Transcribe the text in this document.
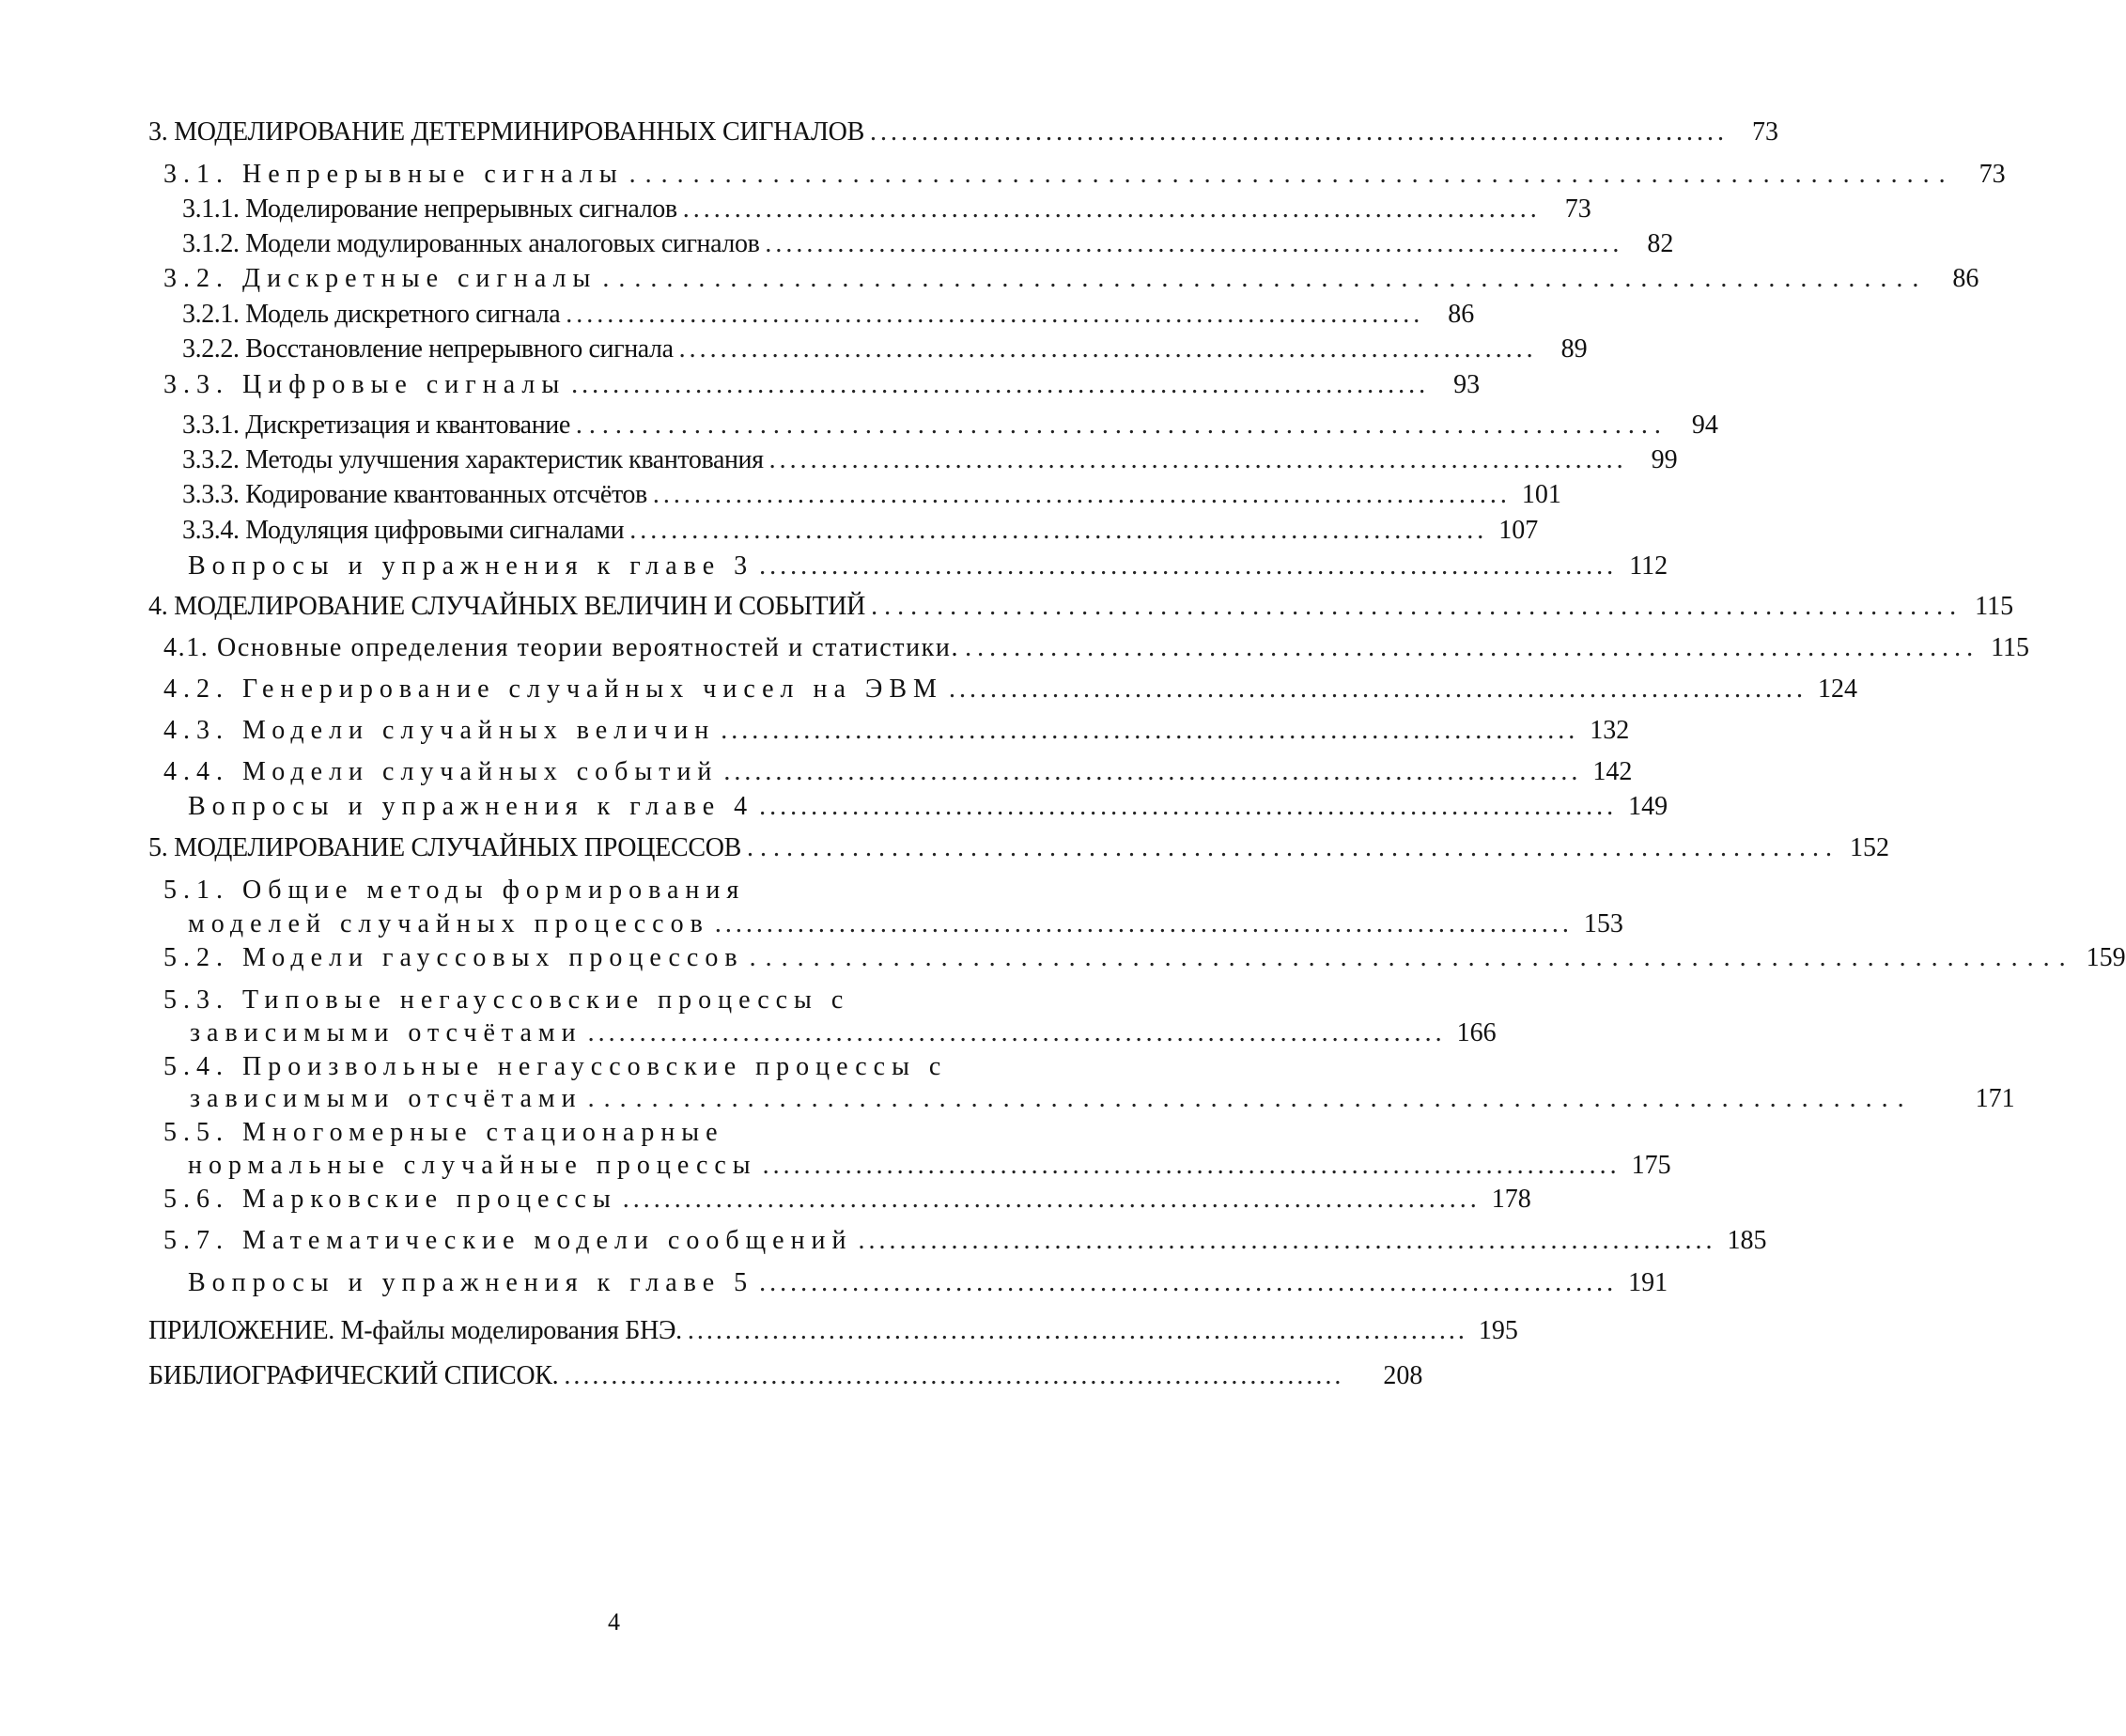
3. МОДЕЛИРОВАНИЕ ДЕТЕРМИНИРОВАННЫХ СИГНАЛОВ ................................................................................... 73
3.1. Непрерывные сигналы ................................................................................... 73
3.1.1. Моделирование непрерывных сигналов ................................................................................... 73
3.1.2. Модели модулированных аналоговых сигналов ................................................................................... 82
3.2. Дискретные сигналы ................................................................................... 86
3.2.1. Модель дискретного сигнала ................................................................................... 86
3.2.2. Восстановление непрерывного сигнала ................................................................................... 89
3.3. Цифровые сигналы ................................................................................... 93
3.3.1. Дискретизация и квантование ................................................................................... 94
3.3.2. Методы улучшения характеристик квантования ................................................................................... 99
3.3.3. Кодирование квантованных отсчётов ................................................................................... 101
3.3.4. Модуляция цифровыми сигналами ................................................................................... 107
Вопросы и упражнения к главе 3 ................................................................................... 112
4. МОДЕЛИРОВАНИЕ СЛУЧАЙНЫХ ВЕЛИЧИН И СОБЫТИЙ ................................................................................... 115
4.1. Основные определения теории вероятностей и статистики. ................................................................................... 115
4.2. Генерирование случайных чисел на ЭВМ ................................................................................... 124
4.3. Модели случайных величин ................................................................................... 132
4.4. Модели случайных событий ................................................................................... 142
Вопросы и упражнения к главе 4 ................................................................................... 149
5. МОДЕЛИРОВАНИЕ СЛУЧАЙНЫХ ПРОЦЕССОВ ................................................................................... 152
5.1. Общие методы формирования
моделей случайных процессов ................................................................................... 153
5.2. Модели гауссовых процессов ................................................................................... 159
5.3. Типовые негауссовские процессы с
зависимыми отсчётами ................................................................................... 166
5.4. Произвольные негауссовские процессы с
зависимыми отсчётами ................................................................................... 171
5.5. Многомерные стационарные
нормальные случайные процессы ................................................................................... 175
5.6. Марковские процессы ................................................................................... 178
5.7. Математические модели сообщений ................................................................................... 185
Вопросы и упражнения к главе 5 ................................................................................... 191
ПРИЛОЖЕНИЕ. М-файлы моделирования БНЭ. ................................................................................... 195
БИБЛИОГРАФИЧЕСКИЙ СПИСОК. ................................................................................... 208
4
